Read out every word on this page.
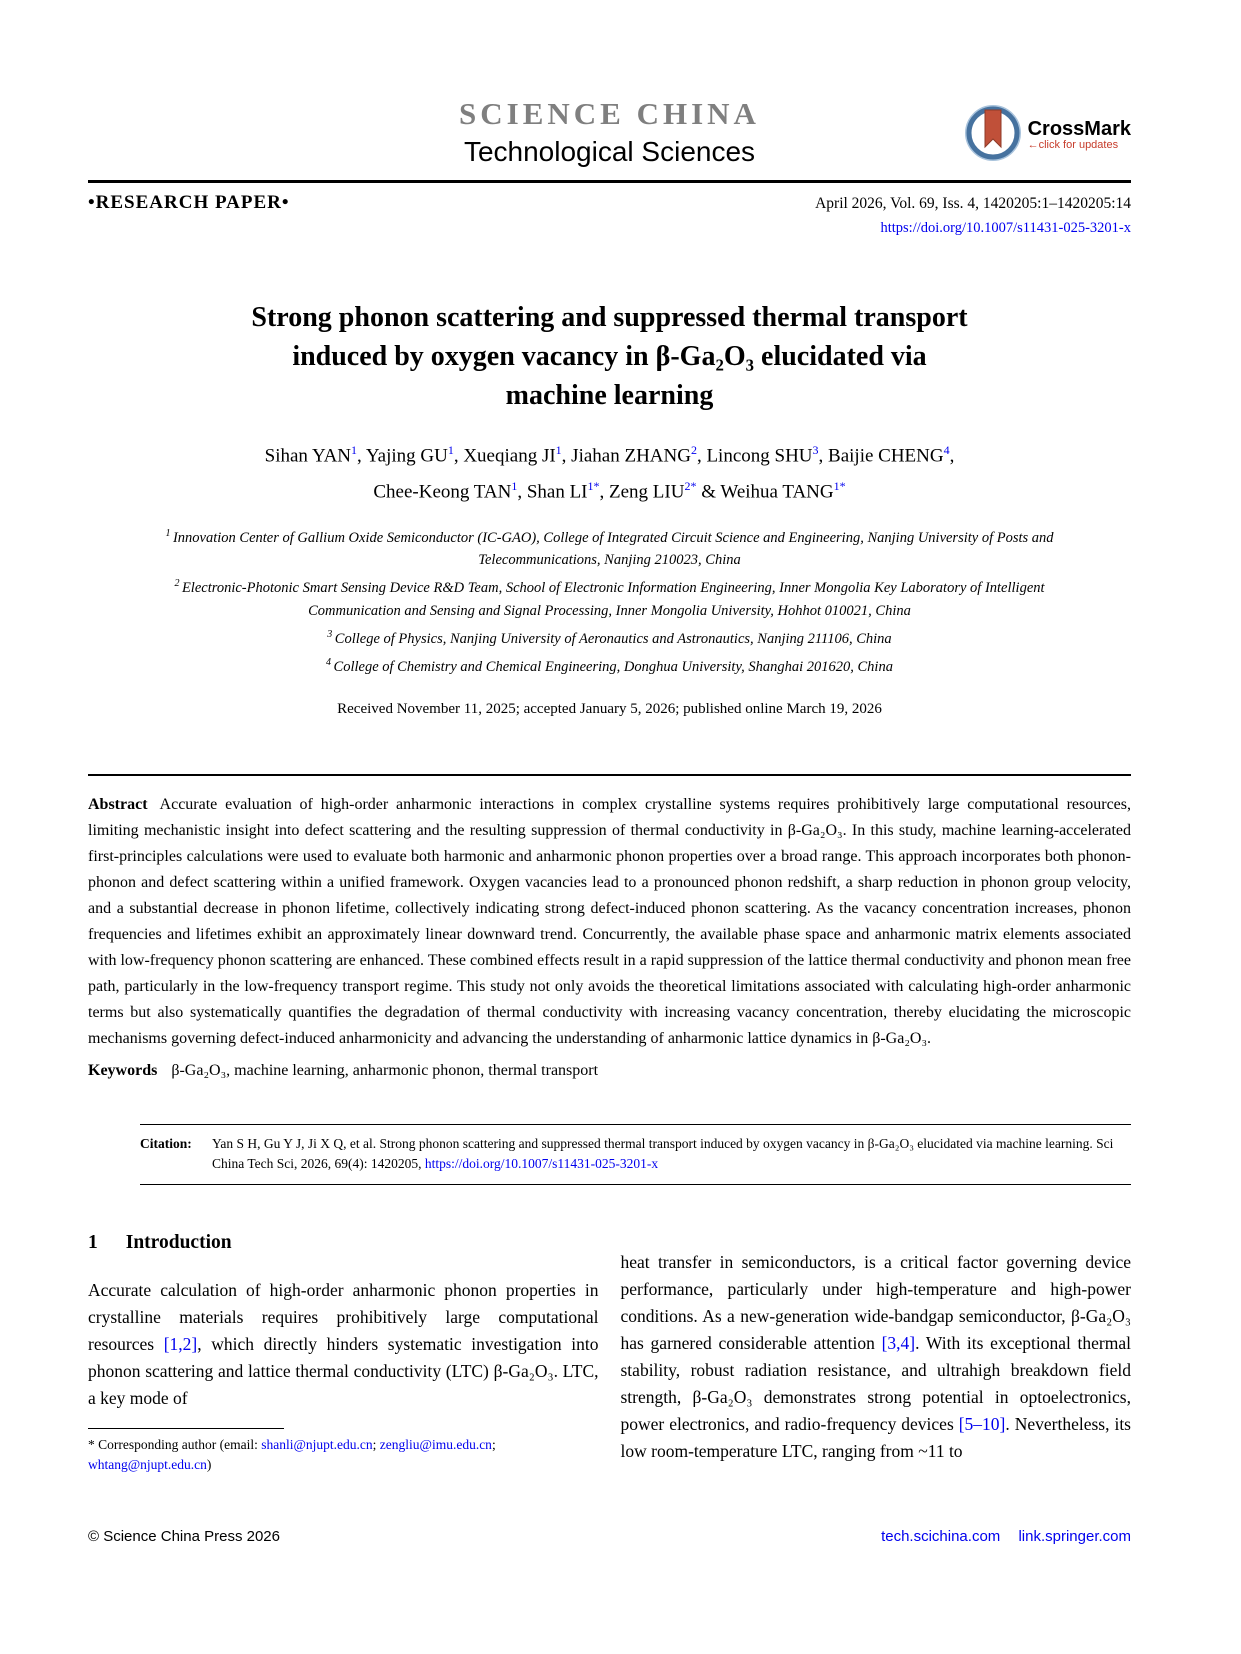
SCIENCE CHINA
Technological Sciences
CrossMark
←click for updates
•RESEARCH PAPER•	April 2026, Vol. 69, Iss. 4, 1420205:1–1420205:14
https://doi.org/10.1007/s11431-025-3201-x
Strong phonon scattering and suppressed thermal transport
induced by oxygen vacancy in β-Ga₂O₃ elucidated via
machine learning
Sihan YAN$^1$, Yajing $GU^1$, Xueqiang $JI^1$, Jiahan ZHANG$^2$, Lincong SHU$^3$, Baijie CHENG$^4$,
Chee-Keong TAN$^1$, Shan $LI^{1*}$, Zeng $LIU^{2*}$ & Weihua $TANG^{1*}$
$^1$ Innovation Center of Gallium Oxide Semiconductor (IC-GAO), College of Integrated Circuit Science and Engineering, Nanjing University of Posts and Telecommunications, Nanjing 210023, China
$^2$ Electronic-Photonic Smart Sensing Device R&D Team, School of Electronic Information Engineering, Inner Mongolia Key Laboratory of Intelligent Communication and Sensing and Signal Processing, Inner Mongolia University, Hohhot 010021, China
$^3$ College of Physics, Nanjing University of Aeronautics and Astronautics, Nanjing 211106, China
$^4$ College of Chemistry and Chemical Engineering, Donghua University, Shanghai 201620, China
Received November 11, 2025; accepted January 5, 2026; published online March 19, 2026
Abstract Accurate evaluation of high-order anharmonic interactions in complex crystalline systems requires prohibitively large computational resources, limiting mechanistic insight into defect scattering and the resulting suppression of thermal conductivity in β-Ga₂O₃. In this study, machine learning-accelerated first-principles calculations were used to evaluate both harmonic and anharmonic phonon properties over a broad range. This approach incorporates both phonon-phonon and defect scattering within a unified framework. Oxygen vacancies lead to a pronounced phonon redshift, a sharp reduction in phonon group velocity, and a substantial decrease in phonon lifetime, collectively indicating strong defect-induced phonon scattering. As the vacancy concentration increases, phonon frequencies and lifetimes exhibit an approximately linear downward trend. Concurrently, the available phase space and anharmonic matrix elements associated with low-frequency phonon scattering are enhanced. These combined effects result in a rapid suppression of the lattice thermal conductivity and phonon mean free path, particularly in the low-frequency transport regime. This study not only avoids the theoretical limitations associated with calculating high-order anharmonic terms but also systematically quantifies the degradation of thermal conductivity with increasing vacancy concentration, thereby elucidating the microscopic mechanisms governing defect-induced anharmonicity and advancing the understanding of anharmonic lattice dynamics in β-Ga₂O₃.
Keywords β-Ga₂O₃, machine learning, anharmonic phonon, thermal transport
Citation:	Yan S H, Gu Y J, Ji X Q, et al. Strong phonon scattering and suppressed thermal transport induced by oxygen vacancy in β-Ga₂O₃ elucidated via machine learning. Sci China Tech Sci, 2026, 69(4): 1420205, https://doi.org/10.1007/s11431-025-3201-x
1 Introduction
Accurate calculation of high-order anharmonic phonon properties in crystalline materials requires prohibitively large computational resources [1,2], which directly hinders systematic investigation into phonon scattering and lattice thermal conductivity (LTC) β-Ga₂O₃. LTC, a key mode of
* Corresponding author (email: shanli@njupt.edu.cn; zengliu@imu.edu.cn; whtang@njupt.edu.cn)
heat transfer in semiconductors, is a critical factor governing device performance, particularly under high-temperature and high-power conditions. As a new-generation wide-bandgap semiconductor, β-Ga₂O₃ has garnered considerable attention [3,4]. With its exceptional thermal stability, robust radiation resistance, and ultrahigh breakdown field strength, β-Ga₂O₃ demonstrates strong potential in optoelectronics, power electronics, and radio-frequency devices [5–10]. Nevertheless, its low room-temperature LTC, ranging from ~11 to
© Science China Press 2026	tech.scichina.com link.springer.com
